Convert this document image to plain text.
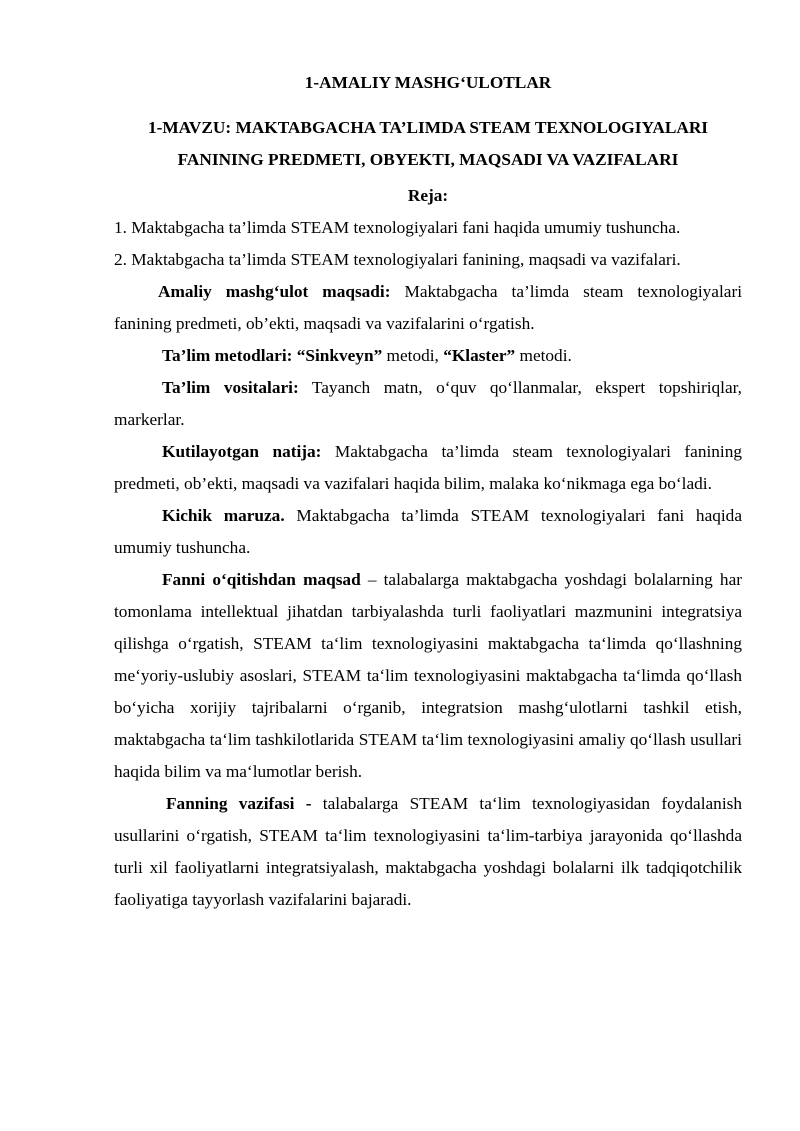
1-AMALIY MASHG‘ULOTLAR

1-MAVZU: MAKTABGACHA TA’LIMDA STEAM TEXNOLOGIYALARI FANINING PREDMETI, OBYEKTI, MAQSADI VA VAZIFALARI

Reja:

1. Maktabgacha ta’limda STEAM texnologiyalari fani haqida umumiy tushuncha.

2. Maktabgacha ta’limda STEAM texnologiyalari fanining, maqsadi va vazifalari.

Amaliy mashg‘ulot maqsadi: Maktabgacha ta’limda steam texnologiyalari fanining predmeti, ob’ekti, maqsadi va vazifalarini o‘rgatish.

Ta’lim metodlari: “Sinkveyn” metodi, “Klaster” metodi.

Ta’lim vositalari: Tayanch matn, o‘quv qo‘llanmalar, ekspert topshiriqlar, markerlar.

Kutilayotgan natija: Maktabgacha ta’limda steam texnologiyalari fanining predmeti, ob’ekti, maqsadi va vazifalari haqida bilim, malaka ko‘nikmaga ega bo‘ladi.

Kichik maruza. Maktabgacha ta’limda STEAM texnologiyalari fani haqida umumiy tushuncha.

Fanni o‘qitishdan maqsad – talabalarga maktabgacha yoshdagi bolalarning har tomonlama intellektual jihatdan tarbiyalashda turli faoliyatlari mazmunini integratsiya qilishga o‘rgatish, STEAM ta‘lim texnologiyasini maktabgacha ta‘limda qo‘llashning me‘yoriy-uslubiy asoslari, STEAM ta‘lim texnologiyasini maktabgacha ta‘limda qo‘llash bo‘yicha xorijiy tajribalarni o‘rganib, integratsion mashg‘ulotlarni tashkil etish, maktabgacha ta‘lim tashkilotlarida STEAM ta‘lim texnologiyasini amaliy qo‘llash usullari haqida bilim va ma‘lumotlar berish.

Fanning vazifasi - talabalarga STEAM ta‘lim texnologiyasidan foydalanish usullarini o‘rgatish, STEAM ta‘lim texnologiyasini ta‘lim-tarbiya jarayonida qo‘llashda turli xil faoliyatlarni integratsiyalash, maktabgacha yoshdagi bolalarni ilk tadqiqotchilik faoliyatiga tayyorlash vazifalarini bajaradi.
